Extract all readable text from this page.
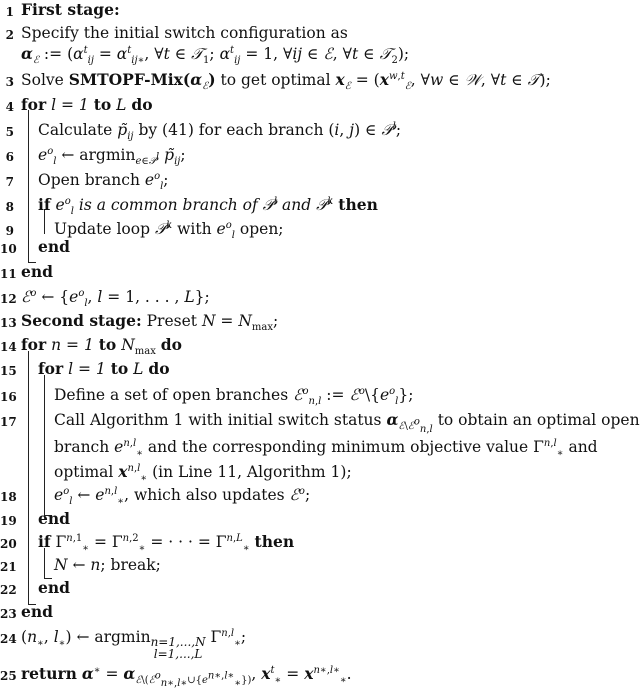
1 First stage:
2 Specify the initial switch configuration as
$\alpha_ℰ$ := ($\alpha^t_{ij} = \alpha^t_{ij∗}$, ∀t ∈ 𝒯$_1$; $\alpha^t_{ij} = 1$, ∀ij ∈ ℰ, ∀t ∈ 𝒯$_2$);
3 Solve SMTOPF-$Mix(\alpha_ℰ)$ to get optimal $x_ℰ = (x^{w,t}_ℰ$, ∀w ∈ 𝒲, ∀t ∈ 𝒯);
4 for l = 1 to L do
5 Calculate $p̃_{ij}$ by (41) for each branch (i, j) ∈ 𝒫$^l$;
6 $e^o_l$ ← argmin$_{e\in 𝒫^l}$ $p̃_{ij}$;
7 Open branch $e^o_l$;
8 if $e^o_l$ is a common branch of 𝒫$^l$ and 𝒫$^k$ then
9	Update loop 𝒫$^k$ with $e^o_l$ open;
10 end
11 end
12 ℰ$^o$ ← {$e^o_l$, l = 1, . . . , L};
13 Second stage: Preset $N = N_{max}$;
14 for n = 1 to $N_{max}$ do
15 for l = 1 to L do
16 Define a set of open branches ℰ$^o_{n,l}$ := $ℰ^o\backslash\{e^o_l\}$;
17 Call Algorithm 1 with initial switch status $\alpha_{ℰ\backslash ℰ^o_{n,l}}$ to obtain an optimal open
branch $e^{n,l}_∗$ and the corresponding minimum objective value Γ$^{n,l}_∗$ and
optimal $x^{n,l}_∗$ (in Line 11, Algorithm 1);
18 $e^o_l$ ← $e^{n,l}_∗$, which also updates ℰ$^o$;
19 end
20 if Γ$^{n,1}_∗$ = Γ$^{n,2}_∗$ = · · · = $\Gamma^{n,L}_∗$ then
21 N ← n; break;
22 end
23 end
24 ($n_∗$, $l_∗$) ← argminn=1,...,N
l=1,...,L Γ$^{n,l}_∗$;
25 return $\alpha^∗ = \alpha_{ℰ\backslash(ℰ^o_{n∗,l∗}\cup\{e^{n∗,l∗}_∗\})}$, $x^t_∗ = x^{n∗,l∗}_∗$.
